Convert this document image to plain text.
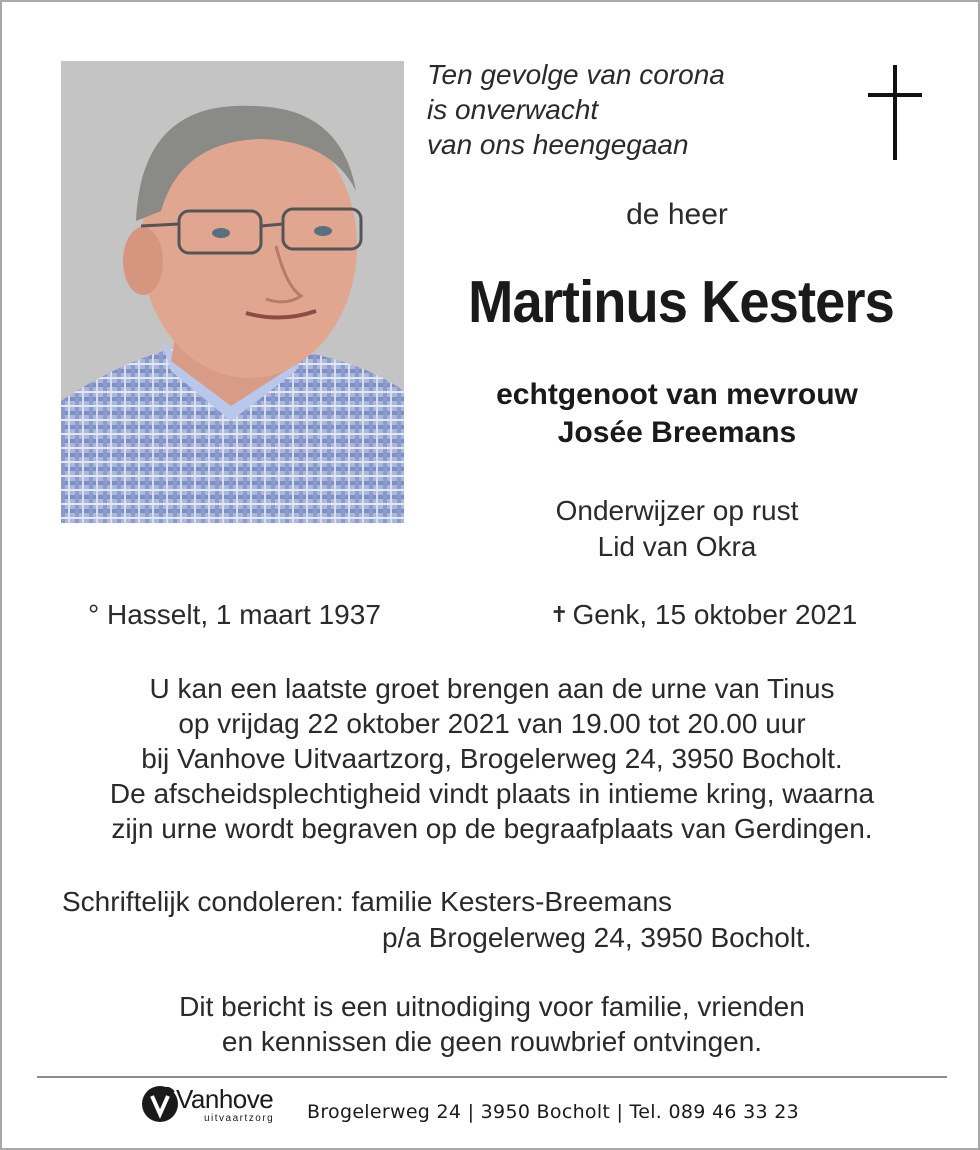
Ten gevolge van corona
is onverwacht
van ons heengegaan
de heer
Martinus Kesters
echtgenoot van mevrouw
Josée Breemans
Onderwijzer op rust
Lid van Okra
° Hasselt, 1 maart 1937	✝ Genk, 15 oktober 2021
U kan een laatste groet brengen aan de urne van Tinus
op vrijdag 22 oktober 2021 van 19.00 tot 20.00 uur
bij Vanhove Uitvaartzorg, Brogelerweg 24, 3950 Bocholt.
De afscheidsplechtigheid vindt plaats in intieme kring, waarna
zijn urne wordt begraven op de begraafplaats van Gerdingen.
Schriftelijk condoleren: familie Kesters-Breemans
p/a Brogelerweg 24, 3950 Bocholt.
Dit bericht is een uitnodiging voor familie, vrienden
en kennissen die geen rouwbrief ontvingen.
Vanhove
uitvaartzorg Brogelerweg 24 | 3950 Bocholt | Tel. 089 46 33 23
